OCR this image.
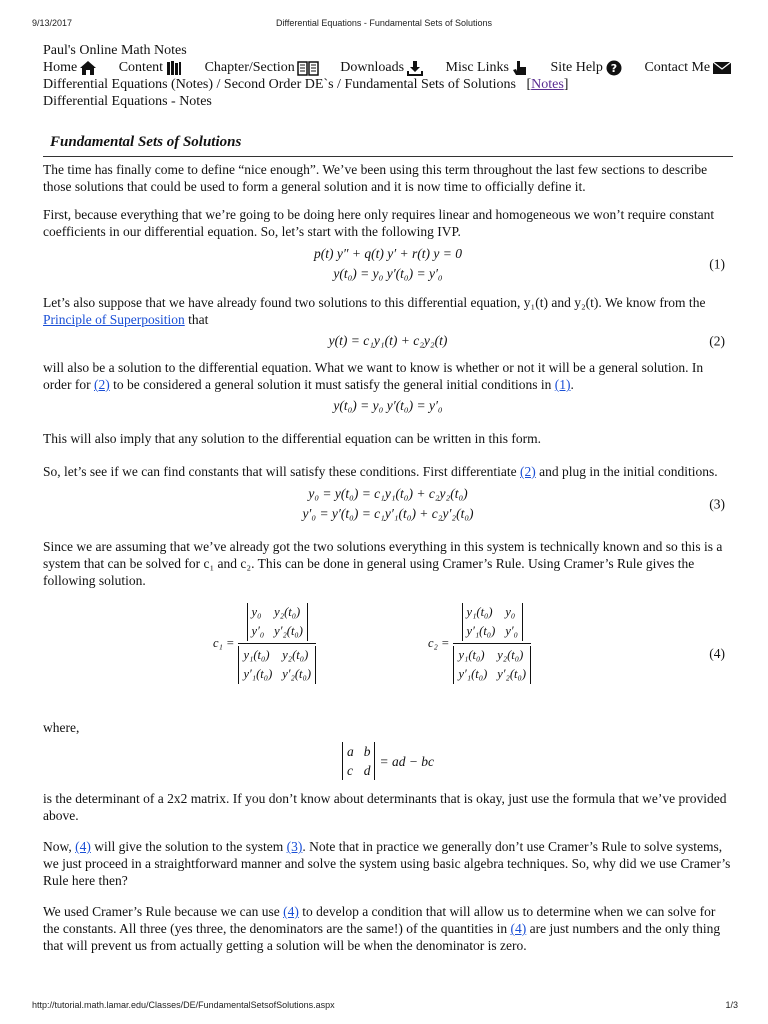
9/13/2017	Differential Equations - Fundamental Sets of Solutions
Paul's Online Math Notes
Home
	Content
	Chapter/Section
	Downloads
	Misc Links
	Site Help ?
Contact Me
Differential Equations (Notes) / Second Order DE`s / Fundamental Sets of Solutions [Notes]
Differential Equations - Notes
Fundamental Sets of Solutions

The time has finally come to define “nice enough”. We’ve been using this term throughout the last few sections to describe those solutions that could be used to form a general solution and it is now time to officially define it.

First, because everything that we’re going to be doing here only requires linear and homogeneous we won’t require constant coefficients in our differential equation. So, let’s start with the following IVP.

p(t) y″ + q(t) y′ + r(t) y = 0
y(t₀) = y₀ y′(t₀) = y′₀
(1)

Let’s also suppose that we have already found two solutions to this differential equation, y₁(t) and y₂(t). We know from the Principle of Superposition that

y(t) = c₁y₁(t) + c₂y₂(t)	(2)

will also be a solution to the differential equation. What we want to know is whether or not it will be a general solution. In order for (2) to be considered a general solution it must satisfy the general initial conditions in (1).

y(t₀) = y₀ y′(t₀) = y′₀

This will also imply that any solution to the differential equation can be written in this form.

So, let’s see if we can find constants that will satisfy these conditions. First differentiate (2) and plug in the initial conditions.

y₀ = y(t₀) = c₁y₁(t₀) + c₂y₂(t₀)
y′₀ = y′(t₀) = c₁y′₁(t₀) + c₂y′₂(t₀)
(3)

Since we are assuming that we’ve already got the two solutions everything in this system is technically known and so this is a system that can be solved for c₁ and c₂. This can be done in general using Cramer’s Rule. Using Cramer’s Rule gives the following solution.

c₁ = y₀ y₂(t₀)
y′₀ y′₂(t₀)
y₁(t₀) y₂(t₀)
y′₁(t₀) y′₂(t₀)	c₂ = y₁(t₀) y₀
y′₁(t₀) y′₀
y₁(t₀) y₂(t₀)
y′₁(t₀) y′₂(t₀)	(4)

where,

a b
c d
= ad − bc

is the determinant of a 2x2 matrix. If you don’t know about determinants that is okay, just use the formula that we’ve provided above.

Now, (4) will give the solution to the system (3). Note that in practice we generally don’t use Cramer’s Rule to solve systems, we just proceed in a straightforward manner and solve the system using basic algebra techniques. So, why did we use Cramer’s Rule here then?

We used Cramer’s Rule because we can use (4) to develop a condition that will allow us to determine when we can solve for the constants. All three (yes three, the denominators are the same!) of the quantities in (4) are just numbers and the only thing that will prevent us from actually getting a solution will be when the denominator is zero.

http://tutorial.math.lamar.edu/Classes/DE/FundamentalSetsofSolutions.aspx	1/3
